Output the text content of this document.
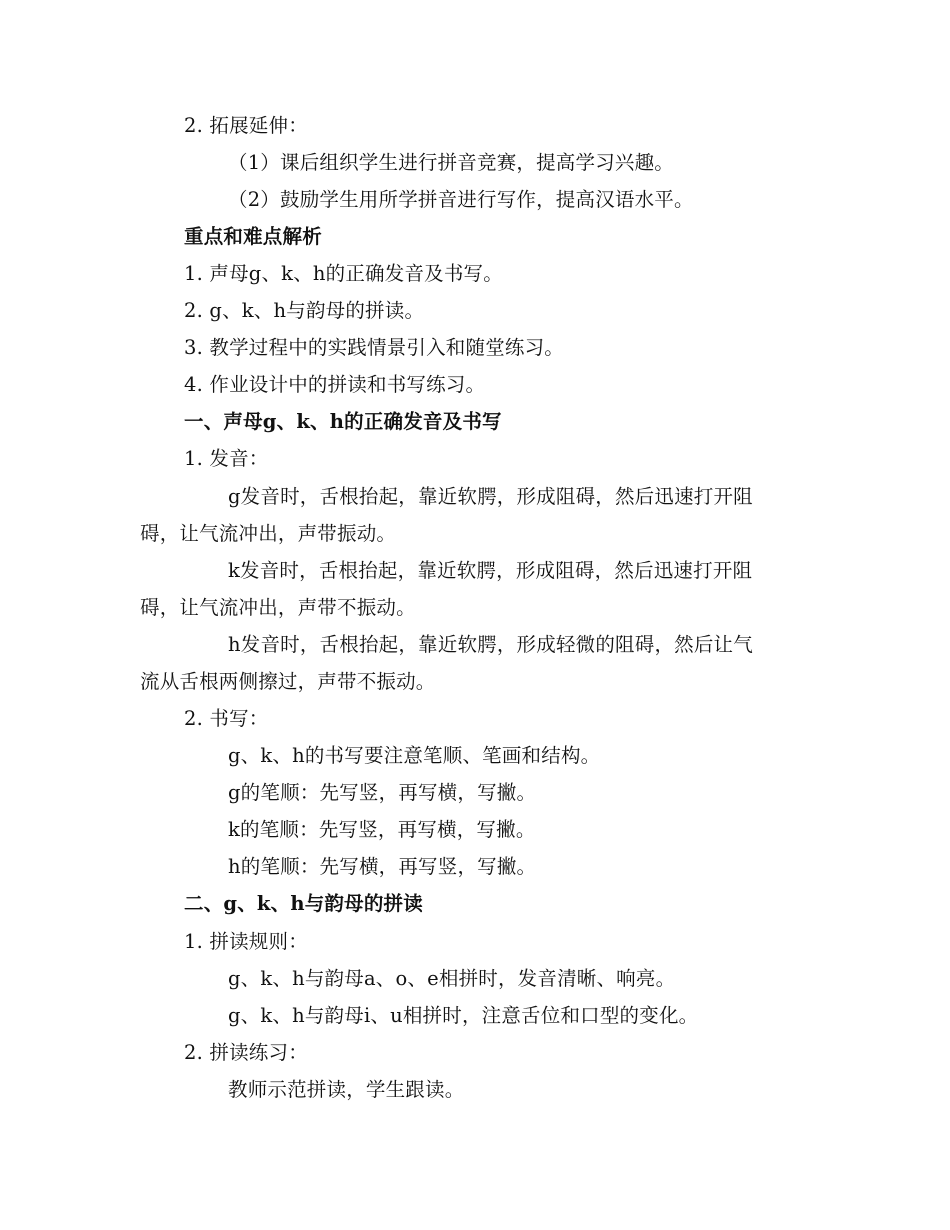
2. 拓展延伸：
（1）课后组织学生进行拼音竞赛，提高学习兴趣。
（2）鼓励学生用所学拼音进行写作，提高汉语水平。
重点和难点解析
1. 声母g、k、h的正确发音及书写。
2. g、k、h与韵母的拼读。
3. 教学过程中的实践情景引入和随堂练习。
4. 作业设计中的拼读和书写练习。
一、声母g、k、h的正确发音及书写
1. 发音：
g发音时，舌根抬起，靠近软腭，形成阻碍，然后迅速打开阻
碍，让气流冲出，声带振动。
k发音时，舌根抬起，靠近软腭，形成阻碍，然后迅速打开阻
碍，让气流冲出，声带不振动。
h发音时，舌根抬起，靠近软腭，形成轻微的阻碍，然后让气
流从舌根两侧擦过，声带不振动。
2. 书写：
g、k、h的书写要注意笔顺、笔画和结构。
g的笔顺：先写竖，再写横，写撇。
k的笔顺：先写竖，再写横，写撇。
h的笔顺：先写横，再写竖，写撇。
二、g、k、h与韵母的拼读
1. 拼读规则：
g、k、h与韵母a、o、e相拼时，发音清晰、响亮。
g、k、h与韵母i、u相拼时，注意舌位和口型的变化。
2. 拼读练习：
教师示范拼读，学生跟读。
